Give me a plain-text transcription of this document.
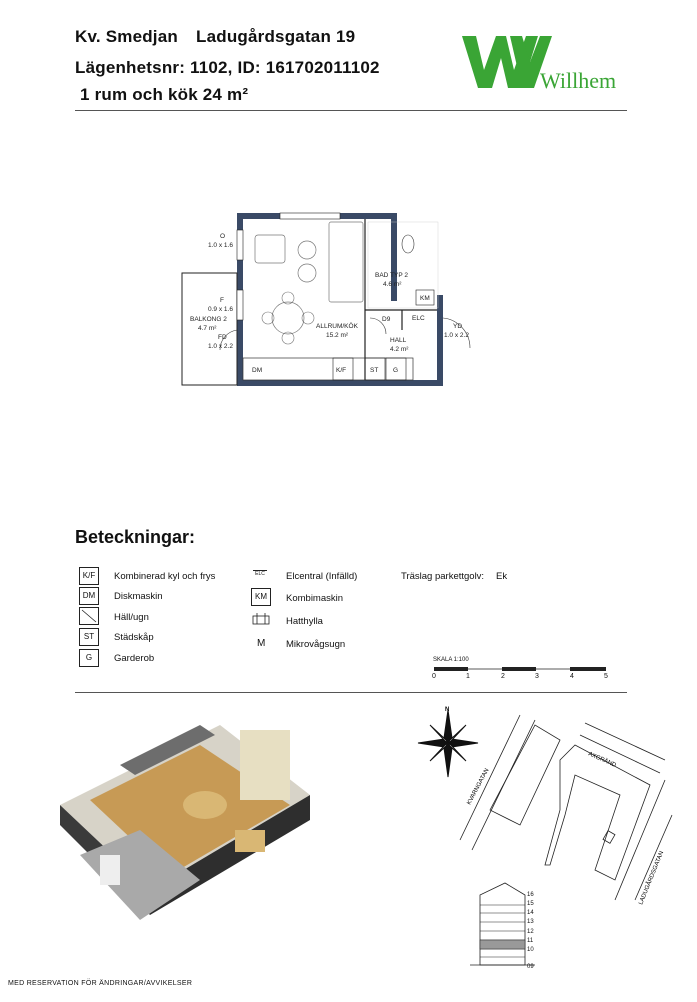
Kv. Smedjan Ladugårdsgatan 19
Lägenhetsnr: 1102, ID: 161702011102
1 rum och kök 24 m²
Willhem
O
1.0 x 1.6
F
0.9 x 1.6
BALKONG 2
4.7 m²
FD
1.0 x 2.2
ALLRUM/KÖK
15.2 m²
BAD TYP 2
4.6 m²
HALL
4.2 m²
D9
YD
1.0 x 2.2
KM
ELC
K/F	ST G
DM
Beteckningar:
K/F	Kombinerad kyl och frys
DM	Diskmaskin
Häll/ugn
ST	Städskåp
G	Garderob
ELC Elcentral (Infälld)
KM	Kombimaskin
Hatthylla
M Mikrovågsugn
Träslag parkettgolv: Ek
SKALA 1:100
0	1	2	3	4	5
N
KVARNGATAN
AXGRÄND
LADUGÅRDSGATAN
16
15
14
13
12
11
10
09
MED RESERVATION FÖR ÄNDRINGAR/AVVIKELSER
